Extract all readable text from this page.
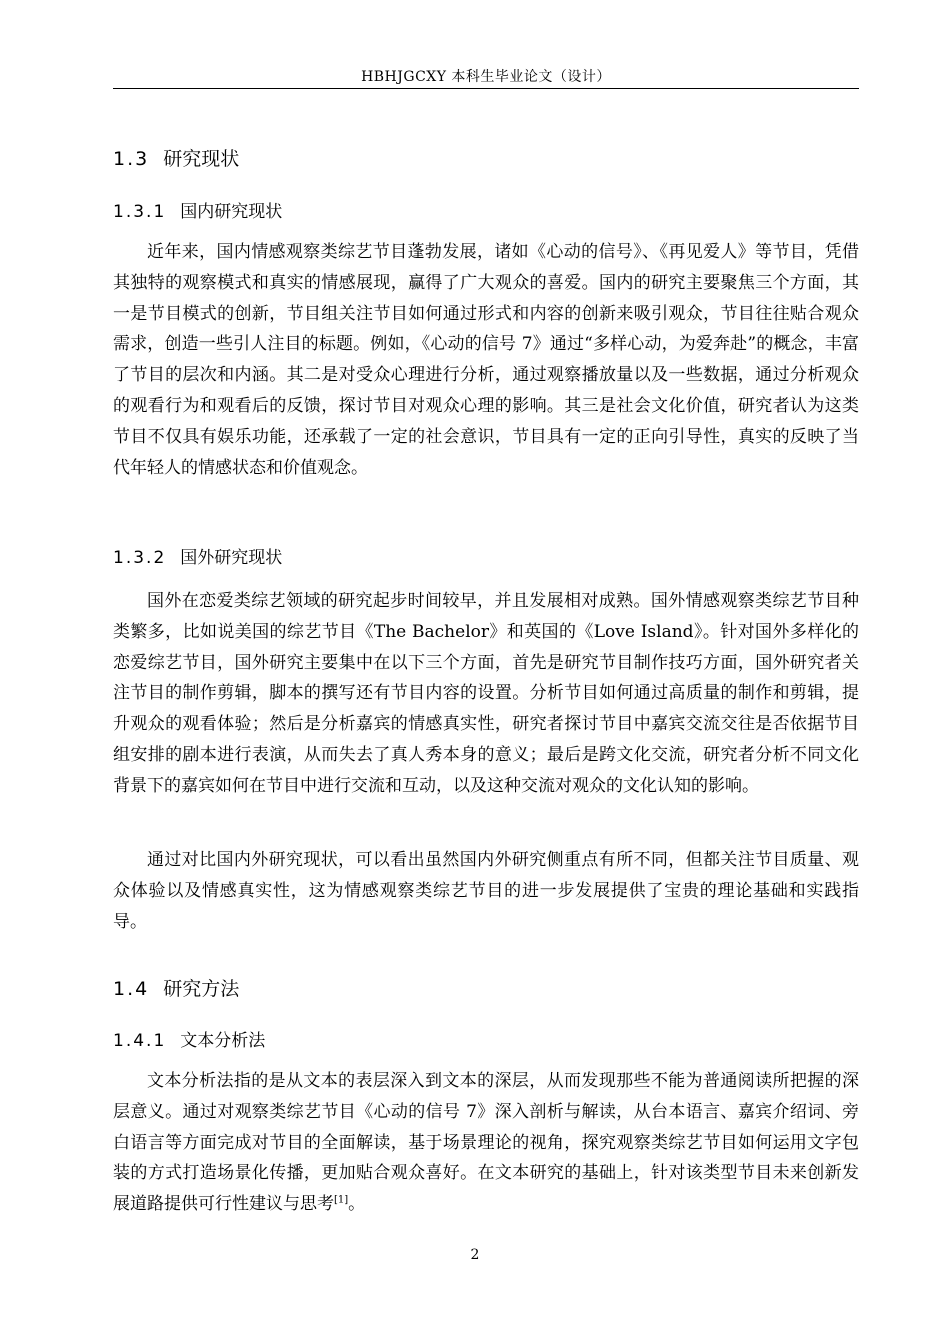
HBHJGCXY 本科生毕业论文（设计）
1.3 研究现状
1.3.1 国内研究现状

近年来，国内情感观察类综艺节目蓬勃发展，诸如《心动的信号》、《再见爱人》等节目，凭借其独特的观察模式和真实的情感展现，赢得了广大观众的喜爱。国内的研究主要聚焦三个方面，其一是节目模式的创新，节目组关注节目如何通过形式和内容的创新来吸引观众，节目往往贴合观众需求，创造一些引人注目的标题。例如，《心动的信号 7》通过“多样心动，为爱奔赴”的概念，丰富了节目的层次和内涵。其二是对受众心理进行分析，通过观察播放量以及一些数据，通过分析观众的观看行为和观看后的反馈，探讨节目对观众心理的影响。其三是社会文化价值，研究者认为这类节目不仅具有娱乐功能，还承载了一定的社会意识，节目具有一定的正向引导性，真实的反映了当代年轻人的情感状态和价值观念。

1.3.2 国外研究现状

国外在恋爱类综艺领域的研究起步时间较早，并且发展相对成熟。国外情感观察类综艺节目种类繁多，比如说美国的综艺节目《The Bachelor》和英国的《Love Island》。针对国外多样化的恋爱综艺节目，国外研究主要集中在以下三个方面，首先是研究节目制作技巧方面，国外研究者关注节目的制作剪辑，脚本的撰写还有节目内容的设置。分析节目如何通过高质量的制作和剪辑，提升观众的观看体验；然后是分析嘉宾的情感真实性，研究者探讨节目中嘉宾交流交往是否依据节目组安排的剧本进行表演，从而失去了真人秀本身的意义；最后是跨文化交流，研究者分析不同文化背景下的嘉宾如何在节目中进行交流和互动，以及这种交流对观众的文化认知的影响。

通过对比国内外研究现状，可以看出虽然国内外研究侧重点有所不同，但都关注节目质量、观众体验以及情感真实性，这为情感观察类综艺节目的进一步发展提供了宝贵的理论基础和实践指导。

1.4 研究方法
1.4.1 文本分析法

文本分析法指的是从文本的表层深入到文本的深层，从而发现那些不能为普通阅读所把握的深层意义。通过对观察类综艺节目《心动的信号 7》深入剖析与解读，从台本语言、嘉宾介绍词、旁白语言等方面完成对节目的全面解读，基于场景理论的视角，探究观察类综艺节目如何运用文字包装的方式打造场景化传播，更加贴合观众喜好。在文本研究的基础上，针对该类型节目未来创新发展道路提供可行性建议与思考[1]。

2
